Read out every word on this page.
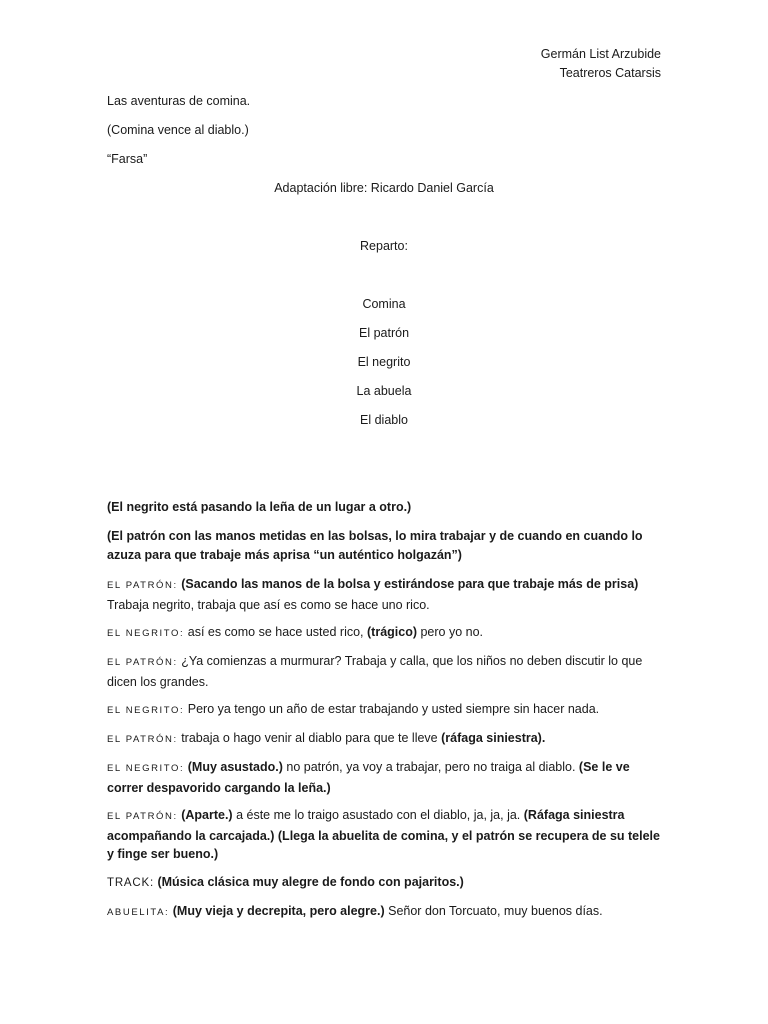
Germán List Arzubide
Teatreros Catarsis
Las aventuras de comina.
(Comina vence al diablo.)
“Farsa”
Adaptación libre: Ricardo Daniel García
Reparto:
Comina
El patrón
El negrito
La abuela
El diablo
(El negrito está pasando la leña de un lugar a otro.)
(El patrón con las manos metidas en las bolsas, lo mira trabajar y de cuando en cuando lo azuza para que trabaje más aprisa “un auténtico holgazán”)
EL PATRÓN: (Sacando las manos de la bolsa y estirándose para que trabaje más de prisa) Trabaja negrito, trabaja que así es como se hace uno rico.
EL NEGRITO: así es como se hace usted rico, (trágico) pero yo no.
EL PATRÓN: ¿Ya comienzas a murmurar? Trabaja y calla, que los niños no deben discutir lo que dicen los grandes.
EL NEGRITO: Pero ya tengo un año de estar trabajando y usted siempre sin hacer nada.
EL PATRÓN: trabaja o hago venir al diablo para que te lleve (ráfaga siniestra).
EL NEGRITO: (Muy asustado.) no patrón, ya voy a trabajar, pero no traiga al diablo. (Se le ve correr despavorido cargando la leña.)
EL PATRÓN: (Aparte.) a éste me lo traigo asustado con el diablo, ja, ja, ja. (Ráfaga siniestra acompañando la carcajada.) (Llega la abuelita de comina, y el patrón se recupera de su telele y finge ser bueno.)
TRACK: (Música clásica muy alegre de fondo con pajaritos.)
ABUELITA: (Muy vieja y decrepita, pero alegre.) Señor don Torcuato, muy buenos días.
